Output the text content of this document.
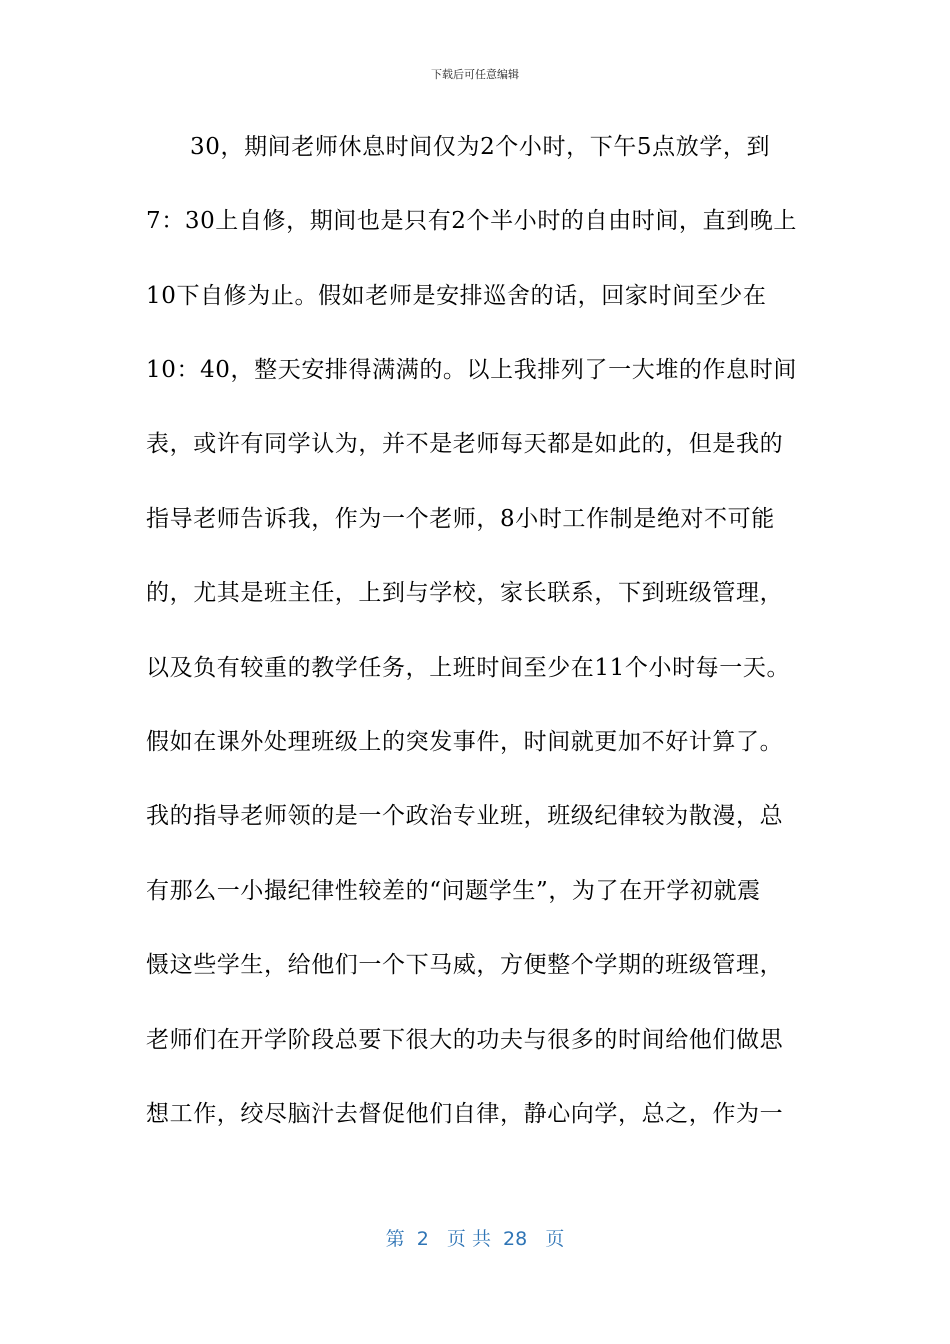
下载后可任意编辑
30，期间老师休息时间仅为2个小时，下午5点放学，到
7：30上自修，期间也是只有2个半小时的自由时间，直到晚上
10下自修为止。假如老师是安排巡舍的话，回家时间至少在
10：40，整天安排得满满的。以上我排列了一大堆的作息时间
表，或许有同学认为，并不是老师每天都是如此的，但是我的
指导老师告诉我，作为一个老师，8小时工作制是绝对不可能
的，尤其是班主任，上到与学校，家长联系，下到班级管理，
以及负有较重的教学任务，上班时间至少在11个小时每一天。
假如在课外处理班级上的突发事件，时间就更加不好计算了。
我的指导老师领的是一个政治专业班，班级纪律较为散漫，总
有那么一小撮纪律性较差的“问题学生”，为了在开学初就震
慑这些学生，给他们一个下马威，方便整个学期的班级管理，
老师们在开学阶段总要下很大的功夫与很多的时间给他们做思
想工作，绞尽脑汁去督促他们自律，静心向学，总之，作为一
第  2   页 共  28   页
